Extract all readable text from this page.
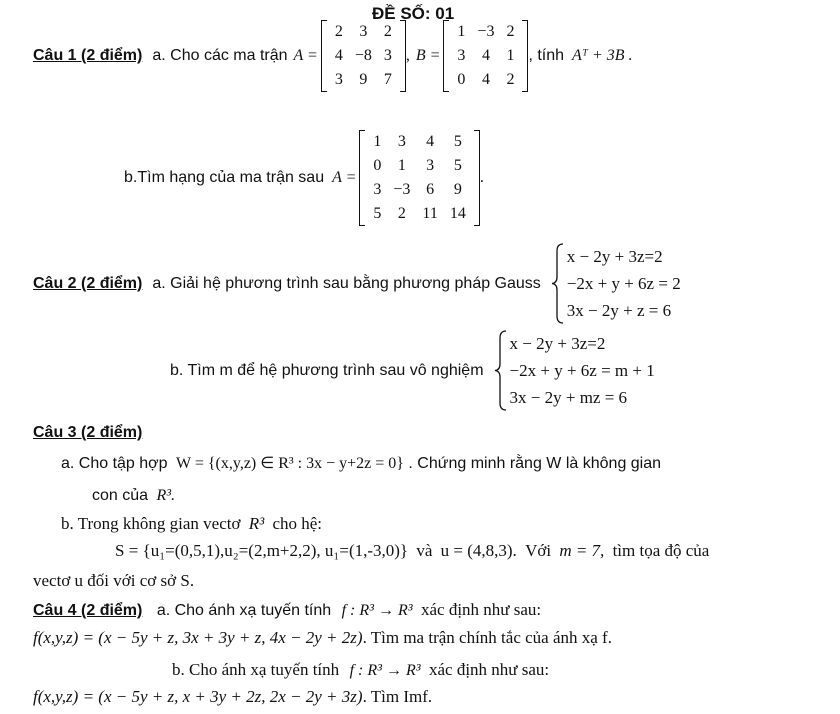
ĐỀ SỐ: 01
Câu 1 (2 điểm) a. Cho các ma trận A =
2	3	2
4	−8	3
3	9	7
, B =
1	−3	2
3	4	1
0	4	2
, tính Aᵀ + 3B .
b.Tìm hạng của ma trận sau A =
1	3	4	5
0	1	3	5
3	−3	6	9
5	2	11	14
.
Câu 2 (2 điểm) a. Giải hệ phương trình sau bằng phương pháp Gauss
x − 2y + 3z=2
−2x + y + 6z = 2
3x − 2y + z = 6
b. Tìm m để hệ phương trình sau vô nghiệm
x − 2y + 3z=2
−2x + y + 6z = m + 1
3x − 2y + mz = 6
Câu 3 (2 điểm)
a. Cho tập hợp W = {(x,y,z) ∈ R³ : 3x − y+2z = 0} . Chứng minh rằng W là không gian
con của R³.
b. Trong không gian vectơ R³ cho hệ:
S = {u₁=(0,5,1),u₂=(2,m+2,2), u₁=(1,-3,0)} và u = (4,8,3). Với m = 7, tìm tọa độ của
vectơ u đối với cơ sở S.
Câu 4 (2 điểm) a. Cho ánh xạ tuyến tính f : R³ → R³ xác định như sau:
f(x,y,z) = (x − 5y + z, 3x + 3y + z, 4x − 2y + 2z). Tìm ma trận chính tắc của ánh xạ f.
b. Cho ánh xạ tuyến tính f : R³ → R³ xác định như sau:
f(x,y,z) = (x − 5y + z, x + 3y + 2z, 2x − 2y + 3z). Tìm Imf.
